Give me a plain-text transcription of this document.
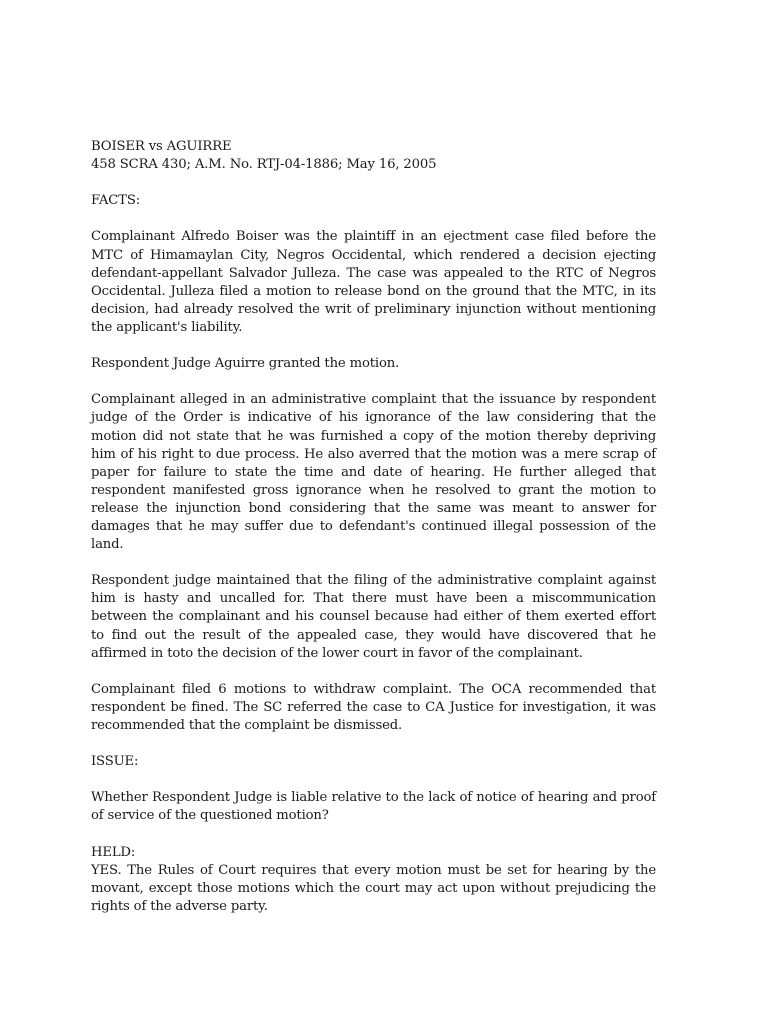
BOISER vs AGUIRRE

458 SCRA 430; A.M. No. RTJ-04-1886; May 16, 2005

FACTS:

Complainant Alfredo Boiser was the plaintiff in an ejectment case filed before the MTC of Himamaylan City, Negros Occidental, which rendered a decision ejecting defendant-appellant Salvador Julleza. The case was appealed to the RTC of Negros Occidental. Julleza filed a motion to release bond on the ground that the MTC, in its decision, had already resolved the writ of preliminary injunction without mentioning the applicant's liability.

Respondent Judge Aguirre granted the motion.

Complainant alleged in an administrative complaint that the issuance by respondent judge of the Order is indicative of his ignorance of the law considering that the motion did not state that he was furnished a copy of the motion thereby depriving him of his right to due process. He also averred that the motion was a mere scrap of paper for failure to state the time and date of hearing. He further alleged that respondent manifested gross ignorance when he resolved to grant the motion to release the injunction bond considering that the same was meant to answer for damages that he may suffer due to defendant's continued illegal possession of the land.

Respondent judge maintained that the filing of the administrative complaint against him is hasty and uncalled for. That there must have been a miscommunication between the complainant and his counsel because had either of them exerted effort to find out the result of the appealed case, they would have discovered that he affirmed in toto the decision of the lower court in favor of the complainant.

Complainant filed 6 motions to withdraw complaint. The OCA recommended that respondent be fined. The SC referred the case to CA Justice for investigation, it was recommended that the complaint be dismissed.

ISSUE:

Whether Respondent Judge is liable relative to the lack of notice of hearing and proof of service of the questioned motion?

HELD:

YES. The Rules of Court requires that every motion must be set for hearing by the movant, except those motions which the court may act upon without prejudicing the rights of the adverse party.
